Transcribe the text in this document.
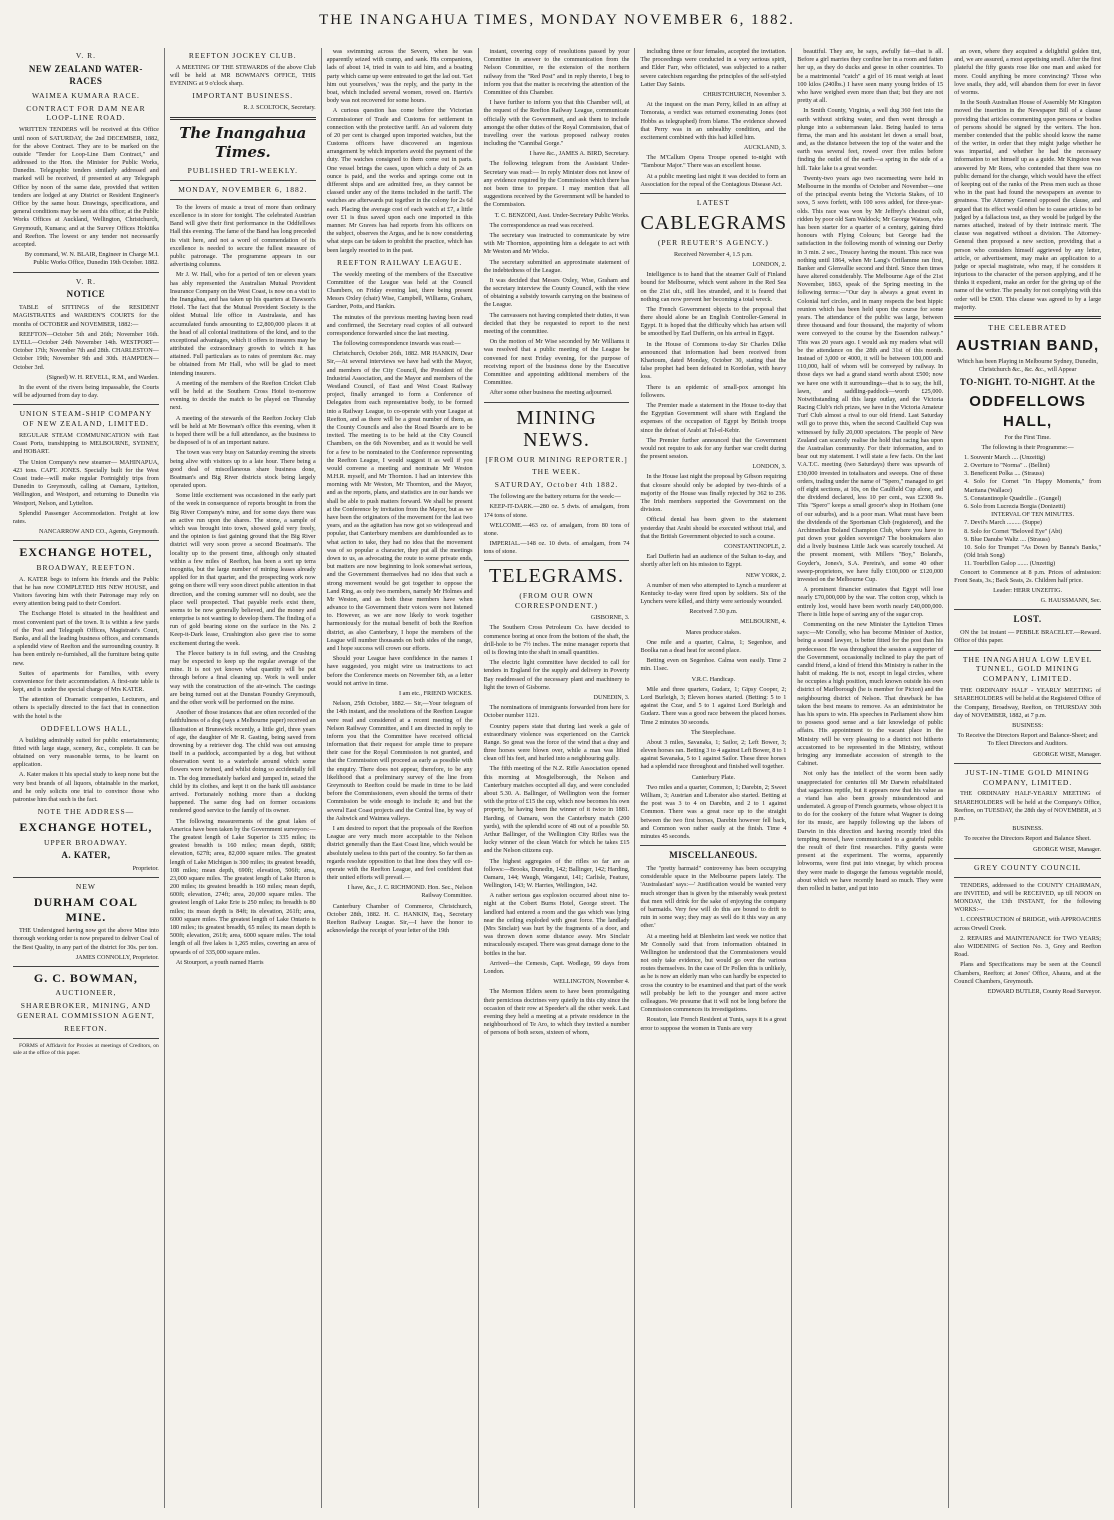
THE INANGAHUA TIMES, MONDAY NOVEMBER 6, 1882.
V. R.
NEW ZEALAND WATER-RACES
WAIMEA KUMARA RACE.
CONTRACT FOR DAM NEAR LOOP-LINE ROAD.

WRITTEN TENDERS will be received at this Office until noon of SATURDAY, the 2nd DECEMBER, 1882, for the above Contract. They are to be marked on the outside "Tender for Loop-Line Dam Contract," and addressed to the Hon. the Minister for Public Works, Dunedin. Telegraphic tenders similarly addressed and marked will be received, if presented at any Telegraph Office by noon of the same date, provided that written tenders are lodged at any District or Resident Engineer's Office by the same hour. Drawings, specifications, and general conditions may be seen at this office; at the Public Works Offices at Auckland, Wellington, Christchurch, Greymouth, Kumara; and at the Survey Offices Hokitika and Reefton. The lowest or any tender not necessarily accepted.

By command, W. N. BLAIR, Engineer in Charge M.I. Public Works Office, Dunedin 19th October. 1882.

V. R.
NOTICE

TABLE of SITTINGS of the RESIDENT MAGISTRATES and WARDEN'S COURTS for the months of OCTOBER and NOVEMBER, 1882:—

REEFTON—October 5th and 26th; November 16th. LYELL—October 24th November 14th. WESTPORT—October 17th; November 7th and 28th. CHARLESTON—October 19th; November 9th and 30th. HAMPDEN—October 3rd.

(Signed) W. H. REVELL, R.M., and Warden.

In the event of the rivers being impassable, the Courts will be adjourned from day to day.

UNION STEAM-SHIP COMPANY OF NEW ZEALAND, LIMITED.

REGULAR STEAM COMMUNICATION with East Coast Ports, transhipping to MELBOURNE, SYDNEY, and HOBART.

The Union Company's new steamer— MAHINAPUA, 423 tons. CAPT. JONES. Specially built for the West Coast trade—will make regular Fortnightly trips from Dunedin to Greymouth, calling at Oamaru, Lyttelton, Wellington, and Westport, and returning to Dunedin via Westport, Nelson, and Lyttelton.

Splendid Passenger Accommodation. Freight at low rates.

NANCARROW AND CO., Agents, Greymouth.

EXCHANGE HOTEL,
BROADWAY, REEFTON.

A. KATER begs to inform his friends and the Public that he has now COMPLETED HIS NEW HOUSE, and Visitors favoring him with their Patronage may rely on every attention being paid to their Comfort.

The Exchange Hotel is situated in the healthiest and most convenient part of the town. It is within a few yards of the Post and Telegraph Offices, Magistrate's Court, Banks, and all the leading business offices, and commands a splendid view of Reefton and the surrounding country. It has been entirely re-furnished, all the furniture being quite new.

Suites of apartments for Families, with every convenience for their accommodation. A first-rate table is kept, and is under the special charge of Mrs KATER.

The attention of Dramatic companies, Lecturers, and others is specially directed to the fact that in connection with the hotel is the

ODDFELLOWS HALL,

A building admirably suited for public entertainments; fitted with large stage, scenery, &c., complete. It can be obtained on very reasonable terms, to be learnt on application.

A. Kater makes it his special study to keep none but the very best brands of all liquors, obtainable in the market, and he only solicits one trial to convince those who patronise him that such is the fact.

NOTE THE ADDRESS—
EXCHANGE HOTEL,
UPPER BROADWAY.
A. KATER,

Proprietor.

NEW
DURHAM COAL MINE.

THE Undersigned having now got the above Mine into thorough working order is now prepared to deliver Coal of the Best Quality, in any part of the district for 30s. per ton.

JAMES CONNOLLY, Proprietor.

G. C. BOWMAN,
AUCTIONEER,
SHAREBROKER, MINING, AND GENERAL COMMISSION AGENT,
REEFTON.

FORMS of Affidavit for Proxies at meetings of Creditors, on sale at the office of this paper.

REEFTON JOCKEY CLUB.

A MEETING OF THE STEWARDS of the above Club will be held at MR BOWMAN'S OFFICE, THIS EVENING at 9 o'clock sharp.

IMPORTANT BUSINESS.

R. J. SCOLTOCK, Secretary.

The Inangahua Times.
PUBLISHED TRI-WEEKLY.
MONDAY, NOVEMBER 6, 1882.

To the lovers of music a treat of more than ordinary excellence is in store for tonight. The celebrated Austrian Band will give their first performance in the Oddfellows Hall this evening. The fame of the Band has long preceded its visit here, and not a word of commendation of its excellence is needed to secure the fullest measure of public patronage. The programme appears in our advertising columns.

Mr J. W. Hall, who for a period of ten or eleven years has ably represented the Australian Mutual Provident Insurance Company on the West Coast, is now on a visit to the Inangahua, and has taken up his quarters at Dawson's Hotel. The fact that the Mutual Provident Society is the oldest Mutual life office in Australasia, and has accumulated funds amounting to £2,800,000 places it at the head of all colonial institutions of the kind, and to the exceptional advantages, which it offers to insurers may be attributed the extraordinary growth to which it has attained. Full particulars as to rates of premium &c. may be obtained from Mr Hall, who will be glad to meet intending insurers.

A meeting of the members of the Reefton Cricket Club will be held at the Southern Cross Hotel to-morrow evening to decide the match to be played on Thursday next.

A meeting of the stewards of the Reefton Jockey Club will be held at Mr Bowman's office this evening, when it is hoped there will be a full attendance, as the business to be disposed of is of an important nature.

The town was very busy on Saturday evening the streets being alive with visitors up to a late hour. There being a good deal of miscellaneous share business done, Boatman's and Big River districts stock being largely operated upon.

Some little excitement was occasioned in the early part of the week in consequence of reports brought in from the Big River Company's mine, and for some days there was an active run upon the shares. The stone, a sample of which was brought into town, showed gold very freely, and the opinion is fast gaining ground that the Big River district will very soon prove a second Boatman's. The locality up to the present time, although only situated within a few miles of Reefton, has been a sort up terra incognita, but the large number of mining leases already applied for in that quarter, and the prospecting work now going on there will very soon direct public attention in that direction, and the coming summer will no doubt, see the place well prospected. That payable reefs exist there, seems to be now generally believed, and the money and enterprise is not wanting to develop them. The finding of a run of gold bearing stone on the surface in the No. 2 Keep-it-Dark lease, Crushington also gave rise to some excitement during the week.

The Fleece battery is in full swing, and the Crushing may be expected to keep up the regular average of the mine. It is not yet known what quantity will be put through before a final cleaning up. Work is well under way with the construction of the air-winch. The castings are being turned out at the Dunstan Foundry Greymouth, and the other work will be performed on the mine.

Another of those instances that are often recorded of the faithfulness of a dog (says a Melbourne paper) received an illustration at Brunswick recently, a little girl, three years of age, the daughter of Mr R. Gasting, being saved from drowning by a retriever dog. The child was out amusing itself in a paddock, accompanied by a dog, but without observation went to a waterhole around which some flowers were twined, and whilst doing so accidentally fell in. The dog immediately barked and jumped in, seized the child by its clothes, and kept it on the bank till assistance arrived. Fortunately nothing more than a ducking happened. The same dog had on former occasions rendered good service to the family of its owner.

The following measurements of the great lakes of America have been taken by the Government surveyors:—The greatest length of Lake Superior is 335 miles; its greatest breadth is 160 miles; mean depth, 688ft; elevation, 627ft; area, 82,000 square miles. The greatest length of Lake Michigan is 300 miles; its greatest breadth, 108 miles; mean depth, 690ft; elevation, 506ft; area, 23,000 square miles. The greatest length of Lake Huron is 200 miles; its greatest breadth is 160 miles; mean depth, 600ft; elevation, 274ft; area, 20,000 square miles. The greatest length of Lake Erie is 250 miles; its breadth is 80 miles; its mean depth is 84ft; its elevation, 261ft; area, 6000 square miles. The greatest length of Lake Ontario is 180 miles; its greatest breadth, 65 miles; its mean depth is 500ft; elevation, 261ft; area, 6000 square miles. The total length of all five lakes is 1,265 miles, covering an area of upwards of of 335,000 square miles.

At Stourport, a youth named Harris

was swimming across the Severn, when he was apparently seized with cramp, and sank. His companions, lads of about 14, tried in vain to aid him, and a boating party which came up were entreated to get the lad out. 'Get him out yourselves,' was the reply, and the party in the boat, which included several women, rowed on. Harris's body was not recovered for some hours.

A curious question has come before the Victorian Commissioner of Trade and Customs for settlement in connection with the protective tariff. An ad valorem duty of 20 per cent is charged upon imported watches, but the Customs officers have discovered an ingenious arrangement by which importers avoid the payment of the duty. The watches consigned to them come out in parts. One vessel brings the cases, upon which a duty of 2s an ounce is paid, and the works and springs come out in different ships and are admitted free, as they cannot be classed under any of the items included in the tariff. The watches are afterwards put together in the colony for 2s 6d each. Placing the average cost of each watch at £7, a little over £1 is thus saved upon each one imported in this manner. Mr Graves has had reports from his officers on the subject, observes the Argus, and he is now considering what steps can be taken to prohibit the practice, which has been largely resorted to in the past.

REEFTON RAILWAY LEAGUE.

The weekly meeting of the members of the Executive Committee of the League was held at the Council Chambers, on Friday evening last, there being present Messrs Oxley (chair) Wise, Campbell, Williams, Graham, Gardner, Potts, and Hankin.

The minutes of the previous meeting having been read and confirmed, the Secretary read copies of all outward correspondence forwarded since the last meeting.

The following correspondence inwards was read:—

Christchurch, October 26th, 1882. MR HANKIN, Dear Sir,—At several interviews we have had with the Mayor, and members of the City Council, the President of the Industrial Association, and the Mayor and members of the Westland Council, of East and West Coast Railway project, finally arranged to form a Conference of Delegates from each representative body, to be formed into a Railway League, to co-operate with your League at Reefton, and as there will be a great number of them, as the County Councils and also the Road Boards are to be invited. The meeting is to be held at the City Council Chambers, on the 6th November, and as it would be well for a few to be nominated to the Conference representing the Reefton League, I would suggest it as well if you would convene a meeting and nominate Mr Weston M.H.R. myself, and Mr Thornton. I had an interview this morning with Mr Weston, Mr Thornton, and the Mayor, and as the reports, plans, and statistics are in our hands we shall be able to push matters forward. We shall be present at the Conference by invitation from the Mayor, but as we have been the originators of the movement for the last two years, and as the agitation has now got so widespread and popular, that Canterbury members are dumbfounded as to what action to take, they had no idea that the movement was of so popular a character, they put all the meetings down to us, as advocating the route to some private ends, but matters are now beginning to look somewhat serious, and the Government themselves had no idea that such a strong movement would be got together to oppose the Land Ring, as only two members, namely Mr Holmes and Mr Weston, and as both these members have when advance to the Government their voices were not listened to. However, as we are now likely to work together harmoniously for the mutual benefit of both the Reefton district, as also Canterbury, I hope the members of the League will number thousands on both sides of the range, and I hope success will crown our efforts.

Should your League have confidence in the names I have suggested, you might wire us instructions to act before the Conference meets on November 6th, as a letter would not arrive in time.

I am etc., FRIEND WICKES.

Nelson, 25th October, 1882.— Sir,—Your telegram of the 14th instant, and the resolutions of the Reefton League were read and considered at a recent meeting of the Nelson Railway Committee, and I am directed in reply to inform you that the Committee have received official information that their request for ample time to prepare their case for the Royal Commission is not granted, and that the Commission will proceed as early as possible with the enquiry. There does not appear, therefore, to be any likelihood that a preliminary survey of the line from Greymouth to Reefton could be made in time to be laid before the Commissioners, even should the terms of their Commission be wide enough to include it; and but the several East Coast projects and the Central line, by way of the Ashwick and Waimea valleys.

I am desired to report that the proposals of the Reefton League are very much more acceptable to the Nelson district generally than the East Coast line, which would be absolutely useless to this part of the country. So far then as regards resolute opposition to that line does they will co-operate with the Reefton League, and feel confident that their united efforts will prevail.—

I have, &c., J. C. RICHMOND. Hon. Sec., Nelson Railway Committee.

Canterbury Chamber of Commerce, Christchurch, October 28th, 1882. H. C. HANKIN, Esq., Secretary Reefton Railway League. Sir,—I have the honor to acknowledge the receipt of your letter of the 19th

instant, covering copy of resolutions passed by your Committee in answer to the communication from the Nelson Committee, re the extension of the northern railway from the "Red Post" and in reply thereto, I beg to inform you that the matter is receiving the attention of the Committee of this Chamber.

I have further to inform you that this Chamber will, at the request of the Reefton Railway League, communicate officially with the Government, and ask them to include amongst the other duties of the Royal Commission, that of travelling over the various proposed railway routes including the "Cannibal Gorge."

I have &c., JAMES A. BIRD, Secretary.

The following telegram from the Assistant Under-Secretary was read:— In reply Minister does not know of any evidence required by the Commission which there has not been time to prepare. I may mention that all suggestions received by the Government will be handed to the Commission.

T. C. BENZONI, Asst. Under-Secretary Public Works.

The correspondence as read was received.

The secretary was instructed to communicate by wire with Mr Thornton, appointing him a delegate to act with Mr Weston and Mr Wicks.

The secretary submitted an approximate statement of the indebtedness of the League.

It was decided that Messrs Oxley, Wise, Graham and the secretary interview the County Council, with the view of obtaining a subsidy towards carrying on the business of the League.

The canvassers not having completed their duties, it was decided that they be requested to report to the next meeting of the committee.

On the motion of Mr Wise seconded by Mr Williams it was resolved that a public meeting of the League be convened for next Friday evening, for the purpose of receiving report of the business done by the Executive Committee and appointing additional members of the Committee.

After some other business the meeting adjourned.

MINING NEWS.
[FROM OUR MINING REPORTER.]
THE WEEK.
SATURDAY, October 4th 1882.

The following are the battery returns for the week:—

KEEP-IT-DARK.—280 oz. 5 dwts. of amalgam, from 174 tons of stone.

WELCOME.—463 oz. of amalgam, from 80 tons of stone.

IMPERIAL.—148 oz. 10 dwts. of amalgam, from 74 tons of stone.

TELEGRAMS.
(FROM OUR OWN CORRESPONDENT.)

GISBORNE, 3.

The Southern Cross Petroleum Co. have decided to commence boring at once from the bottom of the shaft, the drill-hole to be 7½ inches. The mine manager reports that oil is flowing into the shaft in small quantities.

The electric light committee have decided to call for tenders in England for the supply and delivery in Poverty Bay readdressed of the necessary plant and machinery to light the town of Gisborne.

DUNEDIN, 3.

The nominations of immigrants forwarded from here for October number 1121.

Country papers state that during last week a gale of extraordinary violence was experienced on the Carrick Range. So great was the force of the wind that a dray and three horses were blown over, while a man was lifted clean off his feet, and hurled into a neighbouring gully.

The fifth meeting of the N.Z. Rifle Association opened this morning at Mosgielborough, the Nelson and Canterbury matches occupied all day, and were concluded about 5.30. A. Ballinger, of Wellington won the former with the prize of £15 the cup, which now becomes his own property, he having been the winner of it twice in 1881. Harding, of Oamaru, won the Canterbury match (200 yards), with the splendid score of 48 out of a possible 50. Arthur Ballinger, of the Wellington City Rifles was the lucky winner of the clean Watch for which he takes £15 and the Nelson citizens cup.

The highest aggregates of the rifles so far are as follows:—Brooks, Dunedin, 142; Ballinger, 142; Harding, Oamaru, 144; Waugh, Wanganui, 141; Carlisle, Feature, Wellington, 143; W. Harries, Wellington, 142.

A rather serious gas explosion occurred about nine to-night at the Cobert Burns Hotel, George street. The landlord had entered a room and the gas which was lying near the ceiling exploded with great force. The landlady (Mrs Sinclair) was hurt by the fragments of a door, and was thrown down some distance away. Mrs Sinclair miraculously escaped. There was great damage done to the bottles in the bar.

Arrived—the Cemesis, Capt. Wodlege, 99 days from London.

WELLINGTON, November 4.

The Mormon Elders seem to have been promulgating their pernicious doctrines very quietly in this city since the occasion of their row at Speeder's all the other week. Last evening they held a meeting at a private residence in the neighbourhood of Te Aro, to which they invited a number of persons of both sexes, sixteen of whom,

including three or four females, accepted the invitation. The proceedings were conducted in a very serious spirit, and Elder Farr, who officiated, was subjected to a rather severe catechism regarding the principles of the self-styled Latter Day Saints.

CHRISTCHURCH, November 3.

At the inquest on the man Perry, killed in an affray at Tomorata, a verdict was returned exonerating Jones (not Hobbs as telegraphed) from blame. The evidence showed that Perry was in an unhealthy condition, and the excitement combined with this had killed him.

AUCKLAND, 3.

The M'Callum Opera Troupe opened to-night with "Tambour Major." There was an excellent house.

At a public meeting last night it was decided to form an Association for the repeal of the Contagious Disease Act.

LATEST
CABLEGRAMS
(PER REUTER'S AGENCY.)

Received November 4, 1.5 p.m.

LONDON, 2.

Intelligence is to hand that the steamer Gulf of Finland bound for Melbourne, which went ashore in the Red Sea on the 21st ult., still lies stranded, and it is feared that nothing can now prevent her becoming a total wreck.

The French Government objects to the proposal that there should alone be an English Controller-General in Egypt. It is hoped that the difficulty which has arisen will be smoothed by Earl Dufferin, on his arrival in Egypt.

In the House of Commons to-day Sir Charles Dilke announced that information had been received from Khartoum, dated Monday, October 30, stating that the false prophet had been defeated in Kordofan, with heavy loss.

There is an epidemic of small-pox amongst his followers.

The Premier made a statement in the House to-day that the Egyptian Government will share with England the expenses of the occupation of Egypt by British troops since the defeat of Arabi at Tel-el-Kebir.

The Premier further announced that the Government would not require to ask for any further war credit during the present session.

LONDON, 3.

In the House last night the proposal by Gibson requiring that closure should only be adopted by two-thirds of a majority of the House was finally rejected by 362 to 236. The Irish members supported the Government on the division.

Official denial has been given to the statement yesterday that Arabi should be executed without trial, and that the British Government objected to such a course.

CONSTANTINOPLE, 2.

Earl Dufferin had an audience of the Sultan to-day, and shortly after left on his mission to Egypt.

NEW YORK, 2.

A number of men who attempted to Lynch a murderer at Kentucky to-day were fired upon by soldiers. Six of the Lynchers were killed, and thirty were seriously wounded.

Received 7.30 p.m.

MELBOURNE, 4.

Mares produce stakes.

One mile and a quarter, Calma, 1; Segenhoe, and Boolka ran a dead heat for second place.

Betting even on Segenhoe. Calma won easily. Time 2 min. 11sec.

V.R.C. Handicap.

Mile and three quarters, Gudarz, 1; Gipsy Cooper, 2; Lord Burleigh, 3; Eleven horses started. (Betting: 5 to 1 against the Czar, and 5 to 1 against Lord Burleigh and Gudarz. There was a good race between the placed horses. Time 2 minutes 30 seconds.

The Steeplechase.

About 3 miles, Savanaka, 1; Sailor, 2; Left Bower, 3; eleven horses ran. Betting 3 to 4 against Left Bower, 8 to 1 against Savanaka, 5 to 1 against Sailor. These three horses had a splendid race throughout and finished well together.

Canterbury Plate.

Two miles and a quarter, Common, 1; Darebin, 2; Sweet William, 3; Austrian and Liberator also started. Betting at the post was 3 to 4 on Darebin, and 2 to 1 against Common. There was a great race up to the straight between the two first horses, Darebin however fell back, and Common won rather easily at the finish. Time 4 minutes 45 seconds.

MISCELLANEOUS.

The "pretty barmaid" controversy has been occupying considerable space in the Melbourne papers lately. The 'Australasian' says:—' Justification would be wanted very much stronger than is given by the miserably weak pretext that men will drink for the sake of enjoying the company of barmaids. Very few will do this are bound to drift to ruin in some way; they may as well do it this way as any other.'

At a meeting held at Blenheim last week we notice that Mr Connolly said that from information obtained in Wellington he understood that the Commissioners would not only take evidence, but would go over the various routes themselves. In the case of Dr Pollen this is unlikely, as he is now an elderly man who can hardly be expected to cross the country to be examined and that part of the work will probably be left to the younger and more active colleagues. We presume that it will not be long before the Commission commences its investigations.

Rouston, late French Resident at Tunis, says it is a great error to suppose the women in Tunis are very

beautiful. They are, he says, awfully fat—that is all. Before a girl marries they confine her in a room and fatten her up, as they do ducks and geese in other countries. To be a matrimonial "catch" a girl of 16 must weigh at least 100 kilos (240lbs.) I have seen many young brides of 15 who have weighed even more than that; but they are not pretty at all.

In Smith County, Virginia, a well dug 360 feet into the earth without striking water, and then went through a plunge into a subterranean lake. Being hauled to terra firma, the man and his assistant let down a small boat, and, as the distance between the top of the water and the earth was several feet, rowed over five miles before finding the outlet of the earth—a spring in the side of a hill. Take lake is a great wonder.

Twenty-two years ago two racemeeting were held in Melbourne in the months of October and November—one of the principal events being the Victoria Stakes, of 10 sovs, 5 sovs forfeit, with 100 sovs added, for three-year-olds. This race was won by Mr Jeffrey's chestnut colt, ridden by poor old Sam Waldock; Mr George Watson, who has been starter for a quarter of a century, gaining third honours with Flying Colours; but George had the satisfaction in the following month of winning our Derby in 3 min. 2 sec., Treacey having the mount. This race was nothing until 1864, when Mr Lang's Oriflamme ran first, Banker and Glenvallie second and third. Since then times have altered considerably. The Melbourne Age of the 21st November, 1863, speak of the Spring meeting in the following terms:—"Our day is always a great event in Colonial turf circles, and in many respects the best hippic reunion which has been held upon the course for some years. The attendance of the public was large, between three thousand and four thousand, the majority of whom were conveyed to the course by the Essendon railway." This was 20 years ago. I would ask my readers what will be the attendance on the 28th and 31st of this month. Instead of 3,000 or 4000, it will be between 100,000 and 110,000, half of whom will be conveyed by railway. In those days we had a grand stand worth about £500; now we have one with it surroundings—that is to say, the hill, lawn, and saddling-paddock—worth £25,000. Notwithstanding all this large outlay, and the Victoria Racing Club's rich prizes, we have in the Victoria Amateur Turf Club almost a rival to our old friend. Last Saturday will go to prove this, when the second Caulfield Cup was witnessed by fully 20,000 spectators. The people of New Zealand can scarcely realise the hold that racing has upon the Australian community. For their information, and to bear out my statement. I will state a few facts. On the last V.A.T.C. meeting (two Saturdays) there was upwards of £30,000 invested in totalisators and sweeps. One of these orders, trading under the name of "Spero," managed to get off eight sections, at 10s, on the Caulfield Cup alone, and the dividend declared, less 10 per cent., was £2308 9s. This "Spero" keeps a small grocer's shop in Hotham (one of our suburbs), and is a poor man. What must have been the dividends of the Sportsman Club (registered), and the Archimedian Boland Champion Club, where you have to put down your golden sovereign? The bookmakers also did a lively business Little Jack was scarcely touched. At the present moment, with Millers "Boy," Boland's, Goyder's, Jones's, S.A. Pereira's, and some 40 other sweep-proprietors, we have fully £100,000 or £120,000 invested on the Melbourne Cup.

A prominent financier estimates that Egypt will lose nearly £70,000,000 by the war. The cotton crop, which is entirely lost, would have been worth nearly £40,000,000. There is little hope of saving any of the sugar crop.

Commenting on the new Minister the Lyttelton Times says:—Mr Conolly, who has become Minister of Justice, being a sound lawyer, is better fitted for the post than his predecessor. He was throughout the session a supporter of the Government, occasionally inclined to play the part of candid friend, a kind of friend this Ministry is rather in the habit of making. He is not, except in legal circles, where he occupies a high position, much known outside his own district of Marlborough (he is member for Picton) and the neighbouring district of Nelson. That drawback he has taken the best means to remove. As an administrator he has his spurs to win. His speeches in Parliament show him to possess good sense and a fair knowledge of public affairs. His appointment to the vacant place in the Ministry will be very pleasing to a district not hitherto accustomed to be represented in the Ministry, without bringing any immediate accession of strength to the Cabinet.

Not only has the intellect of the worm been sadly unappreciated for centuries till Mr Darwin rehabilitated that sagacious reptile, but it appears now that his value as a viand has also been grossly misunderstood and underrated. A group of French gourmets, whose object it is to do for the cookery of the future what Wagner is doing for its music, are happily following up the labors of Darwin in this direction and having recently tried this tempting morsel, have communicated to a grateful public the result of their first researches. Fifty guests were present at the experiment. The worms, apparently lobworms, were first put into vinegar, by which process they were made to disgorge the famous vegetable mould, about which we have recently heard so much. They were then rolled in batter, and put into

an oven, where they acquired a delightful golden tint, and, we are assured, a most appetising smell. After the first plateful the fifty guests rose like one man and asked for more. Could anything be more convincing? Those who love snails, they add, will abandon them for ever in favor of worms.

In the South Australian House of Assembly Mr Kingston moved the insertion in the Newspaper Bill of a clause providing that articles commenting upon persons or bodies of persons should be signed by the writers. The hon. member contended that the public should know the name of the writer, in order that they might judge whether he was impartial, and whether he had the necessary information to set himself up as a guide. Mr Kingston was answered by Mr Rees, who contended that there was no public demand for the change, which would have the effect of keeping out of the ranks of the Press men such as those who in the past had found the newspapers an avenue to greatness. The Attorney General opposed the clause, and argued that its effect would often be to cause articles to be judged by a fallacious test, as they would be judged by the names attached, instead of by their intrinsic merit. The clause was negatived without a division. The Attorney-General then proposed a new section, providing that a person who considers himself aggrieved by any letter, article, or advertisement, may make an application to a judge or special magistrate, who may, if he considers it injurious to the character of the person applying, and if he thinks it expedient, make an order for the giving up of the name of the writer. The penalty for not complying with this order will be £500. This clause was agreed to by a large majority.

THE CELEBRATED
AUSTRIAN BAND,

Which has been Playing in Melbourne Sydney, Dunedin, Christchurch &c., &c. &c., will Appear

TO-NIGHT. TO-NIGHT. At the
ODDFELLOWS HALL,

For the First Time.

The following is their Programme:—

1. Souvenir March .... (Unzeitig)
2. Overture to "Norma" .. (Bellini)
3. Beneficent Polka .... (Strauss)
4. Solo for Cornet "In Happy Moments," from Maritana (Wallace)
5. Constantinople Quadrille .. (Gungel)
6. Solo from Lucrezia Borgia (Donizetti)
INTERVAL OF TEN MINUTES.
7. Devil's March ......... (Suppe)
8. Solo for Cornet "Beloved Eye" (Abt)
9. Blue Danube Waltz .... (Strauss)
10. Solo for Trumpet "As Down by Banna's Banks," (Old Irish Song)
11. Tourbillon Galop ....... (Unzeitig)

Concert to Commence at 8 p.m. Prices of admission: Front Seats, 3s.; Back Seats, 2s. Children half price.

Leader: HERR UNZEITIG.

G. HAUSSMANN, Sec.

LOST.

ON the 1st instant — PEBBLE BRACELET.—Reward. Office of this paper.

THE INANGAHUA LOW LEVEL TUNNEL, GOLD MINING COMPANY, LIMITED.

THE ORDINARY HALF - YEARLY MEETING of SHAREHOLDERS will be held at the Registered Office of the Company, Broadway, Reefton, on THURSDAY 30th day of NOVEMBER, 1882, at 7 p.m.

BUSINESS:

To Receive the Directors Report and Balance-Sheet; and To Elect Directors and Auditors.

GEORGE WISE, Manager.

JUST-IN-TIME GOLD MINING COMPANY, LIMITED.

THE ORDINARY HALF-YEARLY MEETING of SHAREHOLDERS will be held at the Company's Office, Reefton, on TUESDAY, the 28th day of NOVEMBER, at 3 p.m.

BUSINESS.

To receive the Directors Report and Balance Sheet.

GEORGE WISE, Manager.

GREY COUNTY COUNCIL

TENDERS, addressed to the COUNTY CHAIRMAN, are INVITED, and will be RECEIVED, up till NOON on MONDAY, the 13th INSTANT, for the following WORKS:—

1. CONSTRUCTION of BRIDGE, with APPROACHES across Orwell Creek.

2. REPAIRS and MAINTENANCE for TWO YEARS; also WIDENING of Section No. 3, Grey and Reefton Road.

Plans and Specifications may be seen at the Council Chambers, Reefton; at Jones' Office, Ahaura, and at the Council Chambers, Greymouth.

EDWARD BUTLER, County Road Surveyor.
